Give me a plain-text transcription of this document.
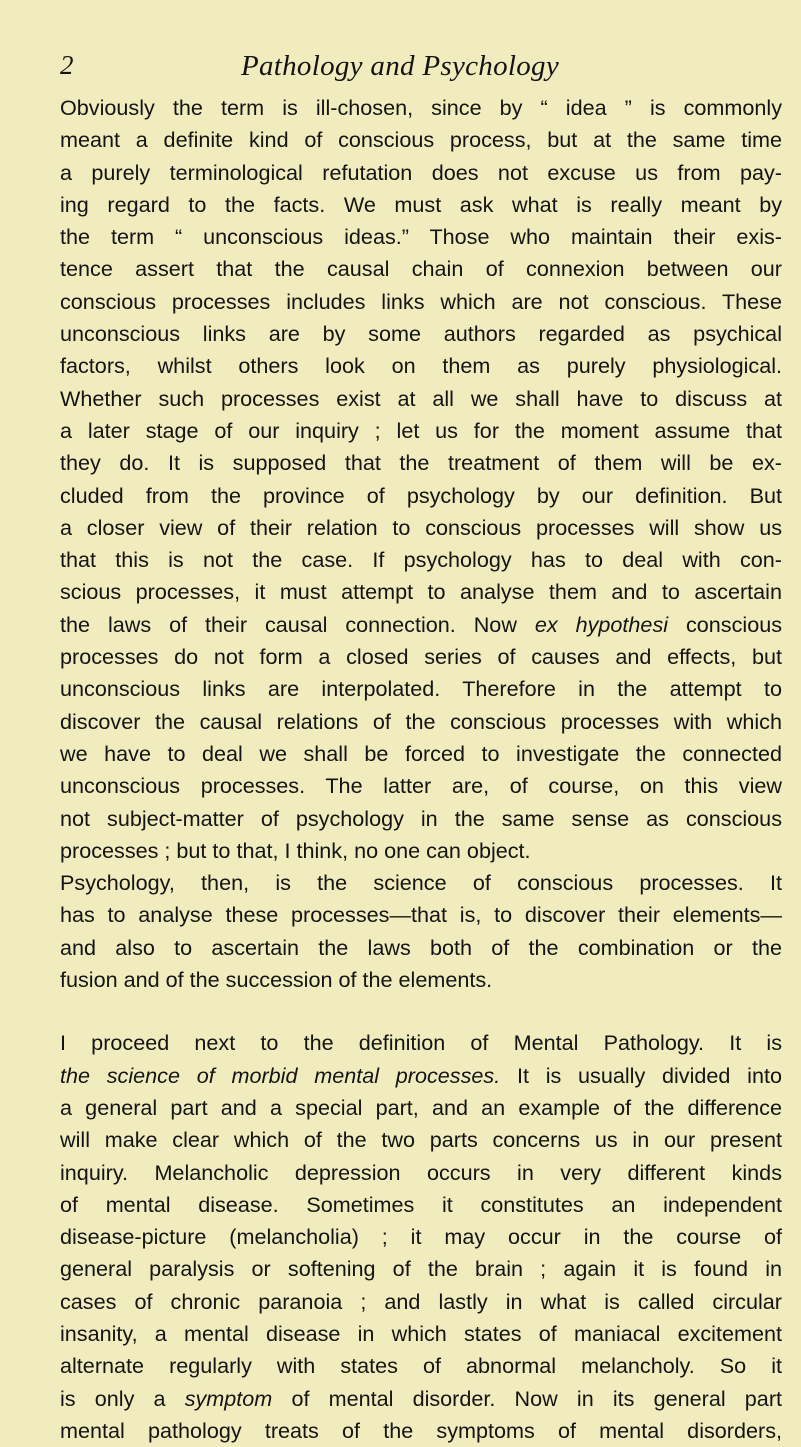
2	Pathology and Psychology
Obviously the term is ill-chosen, since by “ idea ” is commonly
meant a definite kind of conscious process, but at the same time
a purely terminological refutation does not excuse us from pay-
ing regard to the facts. We must ask what is really meant by
the term “ unconscious ideas.” Those who maintain their exis-
tence assert that the causal chain of connexion between our
conscious processes includes links which are not conscious. These
unconscious links are by some authors regarded as psychical
factors, whilst others look on them as purely physiological.
Whether such processes exist at all we shall have to discuss at
a later stage of our inquiry ; let us for the moment assume that
they do. It is supposed that the treatment of them will be ex-
cluded from the province of psychology by our definition. But
a closer view of their relation to conscious processes will show us
that this is not the case. If psychology has to deal with con-
scious processes, it must attempt to analyse them and to ascertain
the laws of their causal connection. Now ex hypothesi conscious
processes do not form a closed series of causes and effects, but
unconscious links are interpolated. Therefore in the attempt to
discover the causal relations of the conscious processes with which
we have to deal we shall be forced to investigate the connected
unconscious processes. The latter are, of course, on this view
not subject-matter of psychology in the same sense as conscious
processes ; but to that, I think, no one can object.
Psychology, then, is the science of conscious processes. It
has to analyse these processes—that is, to discover their elements—
and also to ascertain the laws both of the combination or the
fusion and of the succession of the elements.
I proceed next to the definition of Mental Pathology. It is
the science of morbid mental processes. It is usually divided into
a general part and a special part, and an example of the difference
will make clear which of the two parts concerns us in our present
inquiry. Melancholic depression occurs in very different kinds
of mental disease. Sometimes it constitutes an independent
disease-picture (melancholia) ; it may occur in the course of
general paralysis or softening of the brain ; again it is found in
cases of chronic paranoia ; and lastly in what is called circular
insanity, a mental disease in which states of maniacal excitement
alternate regularly with states of abnormal melancholy. So it
is only a symptom of mental disorder. Now in its general part
mental pathology treats of the symptoms of mental disorders,
